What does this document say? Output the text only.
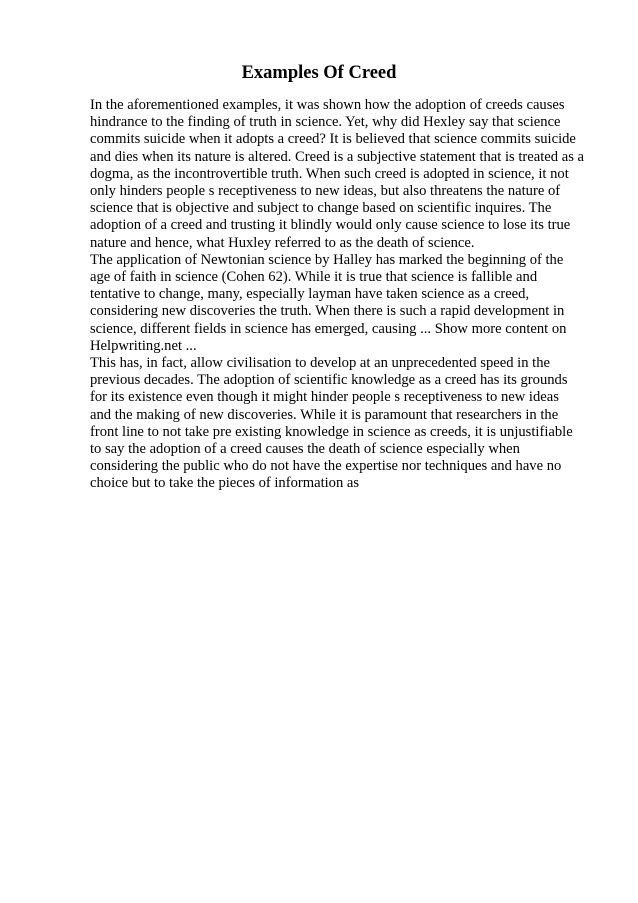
Examples Of Creed
In the aforementioned examples, it was shown how the adoption of creeds causes
hindrance to the finding of truth in science. Yet, why did Hexley say that science
commits suicide when it adopts a creed? It is believed that science commits suicide
and dies when its nature is altered. Creed is a subjective statement that is treated as a
dogma, as the incontrovertible truth. When such creed is adopted in science, it not
only hinders people s receptiveness to new ideas, but also threatens the nature of
science that is objective and subject to change based on scientific inquires. The
adoption of a creed and trusting it blindly would only cause science to lose its true
nature and hence, what Huxley referred to as the death of science.
The application of Newtonian science by Halley has marked the beginning of the
age of faith in science (Cohen 62). While it is true that science is fallible and
tentative to change, many, especially layman have taken science as a creed,
considering new discoveries the truth. When there is such a rapid development in
science, different fields in science has emerged, causing ... Show more content on
Helpwriting.net ...
This has, in fact, allow civilisation to develop at an unprecedented speed in the
previous decades. The adoption of scientific knowledge as a creed has its grounds
for its existence even though it might hinder people s receptiveness to new ideas
and the making of new discoveries. While it is paramount that researchers in the
front line to not take pre existing knowledge in science as creeds, it is unjustifiable
to say the adoption of a creed causes the death of science especially when
considering the public who do not have the expertise nor techniques and have no
choice but to take the pieces of information as
